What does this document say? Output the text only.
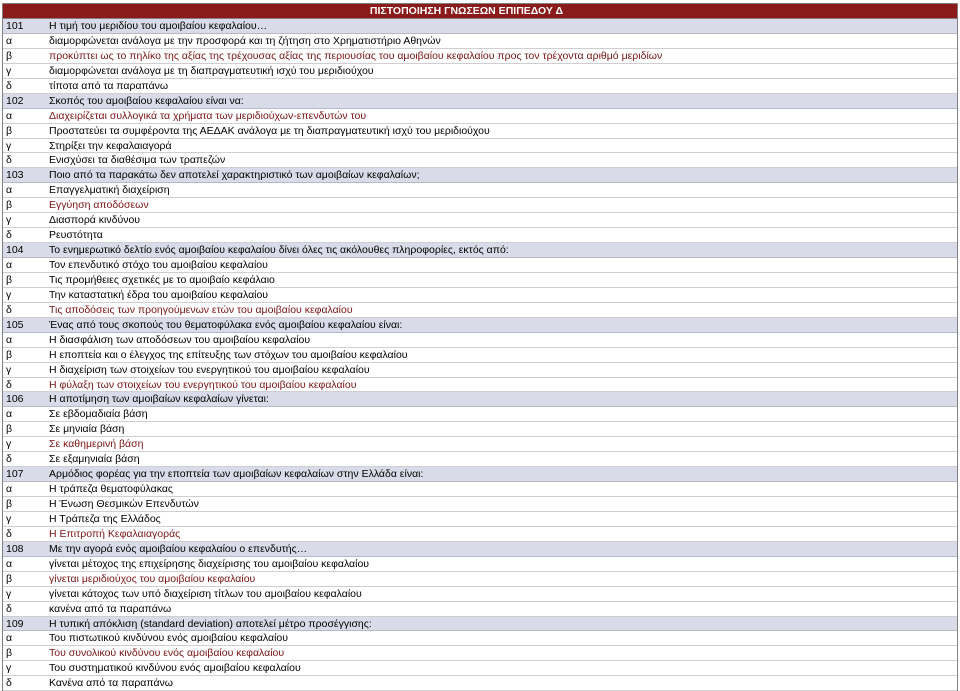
ΠΙΣΤΟΠΟΙΗΣΗ ΓΝΩΣΕΩΝ ΕΠΙΠΕΔΟΥ Δ
101	Η τιμή του μεριδίου του αμοιβαίου κεφαλαίου…
α	διαμορφώνεται ανάλογα με την προσφορά και τη ζήτηση στο Χρηματιστήριο Αθηνών
β	προκύπτει ως το πηλίκο της αξίας της τρέχουσας αξίας της περιουσίας του αμοιβαίου κεφαλαίου προς τον τρέχοντα αριθμό μεριδίων
γ	διαμορφώνεται ανάλογα με τη διαπραγματευτική ισχύ του μεριδιούχου
δ	τίποτα από τα παραπάνω
102	Σκοπός του αμοιβαίου κεφαλαίου είναι να:
α	Διαχειρίζεται συλλογικά τα χρήματα των μεριδιούχων-επενδυτών του
β	Προστατεύει τα συμφέροντα της ΑΕΔΑΚ ανάλογα με τη διαπραγματευτική ισχύ του μεριδιούχου
γ	Στηρίξει την κεφαλαιαγορά
δ	Ενισχύσει τα διαθέσιμα των τραπεζών
103	Ποιο από τα παρακάτω δεν αποτελεί χαρακτηριστικό των αμοιβαίων κεφαλαίων;
α	Επαγγελματική διαχείριση
β	Εγγύηση αποδόσεων
γ	Διασπορά κινδύνου
δ	Ρευστότητα
104	Το ενημερωτικό δελτίο ενός αμοιβαίου κεφαλαίου δίνει όλες τις ακόλουθες πληροφορίες, εκτός από:
α	Τον επενδυτικό στόχο του αμοιβαίου κεφαλαίου
β	Τις προμήθειες σχετικές με το αμοιβαίο κεφάλαιο
γ	Την καταστατική έδρα του αμοιβαίου κεφαλαίου
δ	Τις αποδόσεις των προηγούμενων ετών του αμοιβαίου κεφαλαίου
105	Ένας από τους σκοπούς του θεματοφύλακα ενός αμοιβαίου κεφαλαίου είναι:
α	Η διασφάλιση των αποδόσεων του αμοιβαίου κεφαλαίου
β	Η εποπτεία και ο έλεγχος της επίτευξης των στόχων του αμοιβαίου κεφαλαίου
γ	Η διαχείριση των στοιχείων του ενεργητικού του αμοιβαίου κεφαλαίου
δ	Η φύλαξη των στοιχείων του ενεργητικού του αμοιβαίου κεφαλαίου
106	Η αποτίμηση των αμοιβαίων κεφαλαίων γίνεται:
α	Σε εβδομαδιαία βάση
β	Σε μηνιαία βάση
γ	Σε καθημερινή βάση
δ	Σε εξαμηνιαία βάση
107	Αρμόδιος φορέας για την εποπτεία των αμοιβαίων κεφαλαίων στην Ελλάδα είναι:
α	Η τράπεζα θεματοφύλακας
β	Η Ένωση Θεσμικών Επενδυτών
γ	Η Τράπεζα της Ελλάδος
δ	Η Επιτροπή Κεφαλαιαγοράς
108	Με την αγορά ενός αμοιβαίου κεφαλαίου ο επενδυτής…
α	γίνεται μέτοχος της επιχείρησης διαχείρισης του αμοιβαίου κεφαλαίου
β	γίνεται μεριδιούχος του αμοιβαίου κεφαλαίου
γ	γίνεται κάτοχος των υπό διαχείριση τίτλων του αμοιβαίου κεφαλαίου
δ	κανένα από τα παραπάνω
109	Η τυπική απόκλιση (standard deviation) αποτελεί μέτρο προσέγγισης:
α	Του πιστωτικού κινδύνου ενός αμοιβαίου κεφαλαίου
β	Του συνολικού κινδύνου ενός αμοιβαίου κεφαλαίου
γ	Του συστηματικού κινδύνου ενός αμοιβαίου κεφαλαίου
δ	Κανένα από τα παραπάνω
